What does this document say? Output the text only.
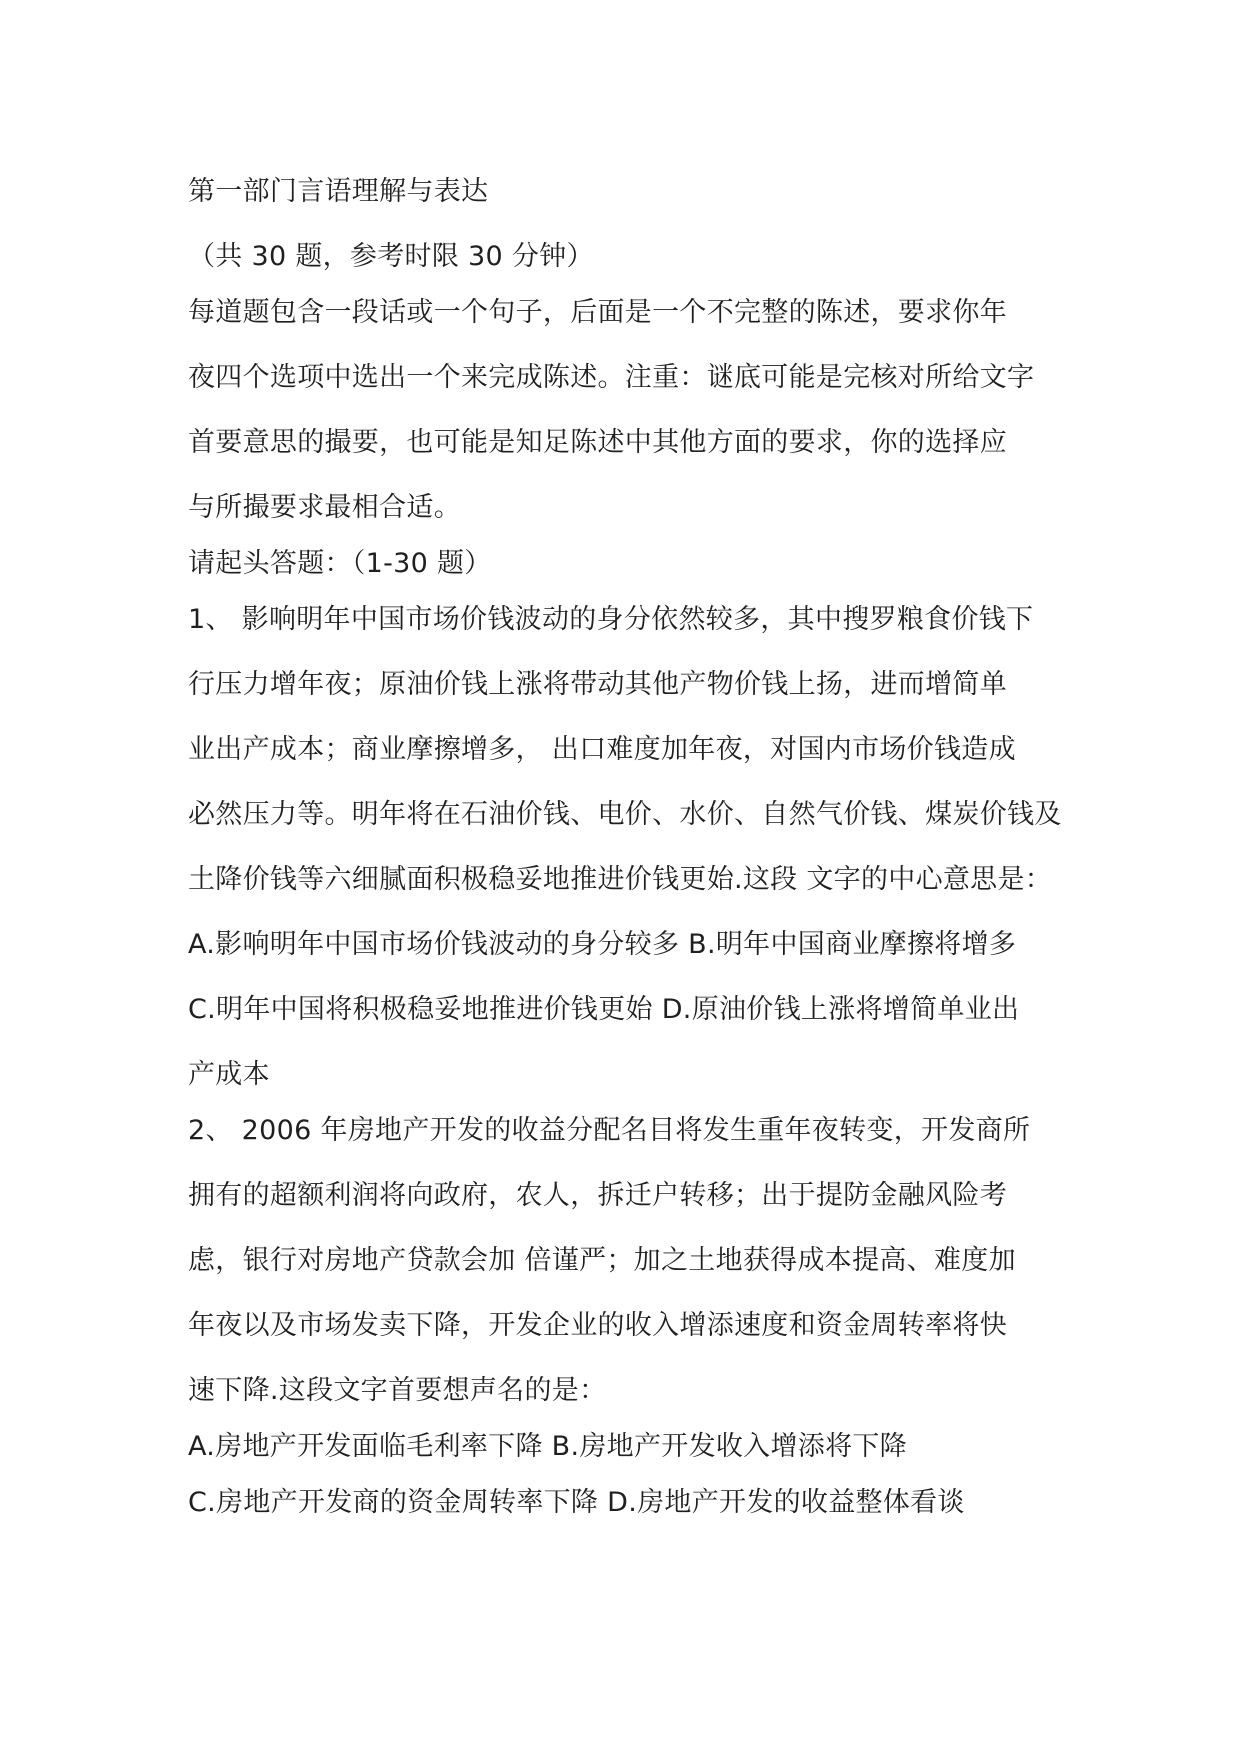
第一部门言语理解与表达
（共 30 题，参考时限 30 分钟）
每道题包含一段话或一个句子，后面是一个不完整的陈述，要求你年
夜四个选项中选出一个来完成陈述。注重：谜底可能是完核对所给文字
首要意思的撮要，也可能是知足陈述中其他方面的要求，你的选择应
与所撮要求最相合适。
请起头答题：（1-30 题）
1、 影响明年中国市场价钱波动的身分依然较多，其中搜罗粮食价钱下
行压力增年夜；原油价钱上涨将带动其他产物价钱上扬，进而增简单
业出产成本；商业摩擦增多， 出口难度加年夜，对国内市场价钱造成
必然压力等。明年将在石油价钱、电价、水价、自然气价钱、煤炭价钱及
土降价钱等六细腻面积极稳妥地推进价钱更始.这段 文字的中心意思是：
A.影响明年中国市场价钱波动的身分较多 B.明年中国商业摩擦将增多
C.明年中国将积极稳妥地推进价钱更始 D.原油价钱上涨将增简单业出
产成本
2、 2006 年房地产开发的收益分配名目将发生重年夜转变，开发商所
拥有的超额利润将向政府，农人，拆迁户转移；出于提防金融风险考
虑，银行对房地产贷款会加 倍谨严；加之土地获得成本提高、难度加
年夜以及市场发卖下降，开发企业的收入增添速度和资金周转率将快
速下降.这段文字首要想声名的是：
A.房地产开发面临毛利率下降 B.房地产开发收入增添将下降
C.房地产开发商的资金周转率下降 D.房地产开发的收益整体看谈
